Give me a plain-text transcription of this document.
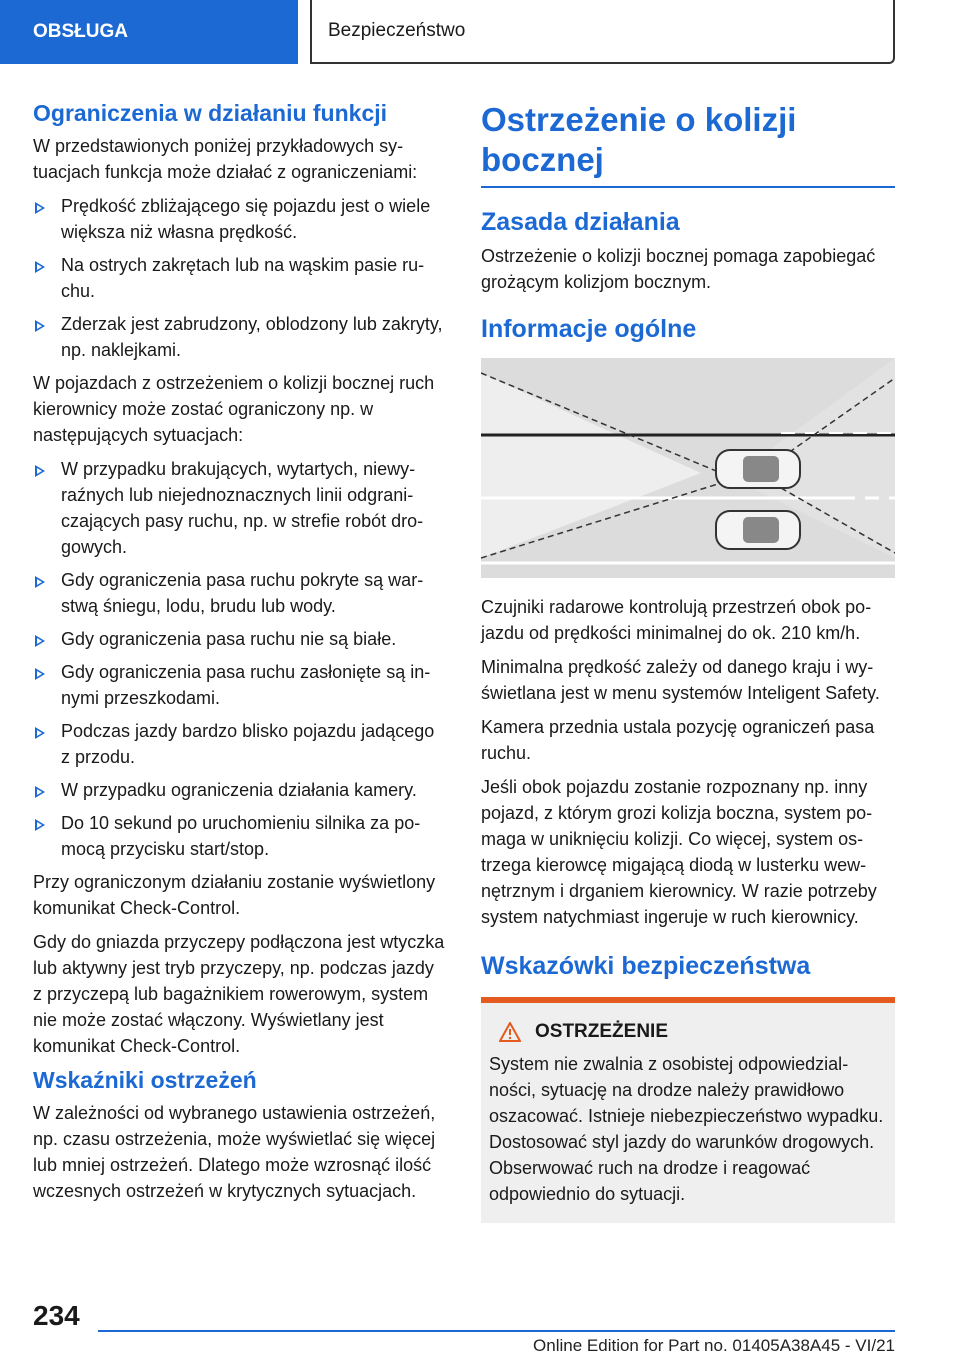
OBSŁUGA	Bezpieczeństwo
Ograniczenia w działaniu funkcji

W przedstawionych poniżej przykładowych sytuacjach funkcja może działać z ograniczeniami:

Prędkość zbliżającego się pojazdu jest o wiele większa niż własna prędkość.
Na ostrych zakrętach lub na wąskim pasie ruchu.
Zderzak jest zabrudzony, oblodzony lub zakryty, np. naklejkami.

W pojazdach z ostrzeżeniem o kolizji bocznej ruch kierownicy może zostać ograniczony np. w następujących sytuacjach:

W przypadku brakujących, wytartych, niewyraźnych lub niejednoznacznych linii odgraniczających pasy ruchu, np. w strefie robót drogowych.
Gdy ograniczenia pasa ruchu pokryte są warstwą śniegu, lodu, brudu lub wody.
Gdy ograniczenia pasa ruchu nie są białe.
Gdy ograniczenia pasa ruchu zasłonięte są innymi przeszkodami.
Podczas jazdy bardzo blisko pojazdu jadącego z przodu.
W przypadku ograniczenia działania kamery.
Do 10 sekund po uruchomieniu silnika za pomocą przycisku start/stop.

Przy ograniczonym działaniu zostanie wyświetlony komunikat Check-Control.

Gdy do gniazda przyczepy podłączona jest wtyczka lub aktywny jest tryb przyczepy, np. podczas jazdy z przyczepą lub bagażnikiem rowerowym, system nie może zostać włączony. Wyświetlany jest komunikat Check-Control.

Wskaźniki ostrzeżeń

W zależności od wybranego ustawienia ostrzeżeń, np. czasu ostrzeżenia, może wyświetlać się więcej lub mniej ostrzeżeń. Dlatego może wzrosnąć ilość wczesnych ostrzeżeń w krytycznych sytuacjach.

Ostrzeżenie o kolizji bocznej
Zasada działania

Ostrzeżenie o kolizji bocznej pomaga zapobiegać grożącym kolizjom bocznym.

Informacje ogólne

Czujniki radarowe kontrolują przestrzeń obok pojazdu od prędkości minimalnej do ok. 210 km/h.

Minimalna prędkość zależy od danego kraju i wyświetlana jest w menu systemów Inteligent Safety.

Kamera przednia ustala pozycję ograniczeń pasa ruchu.

Jeśli obok pojazdu zostanie rozpoznany np. inny pojazd, z którym grozi kolizja boczna, system pomaga w uniknięciu kolizji. Co więcej, system ostrzega kierowcę migającą diodą w lusterku wewnętrznym i drganiem kierownicy. W razie potrzeby system natychmiast ingeruje w ruch kierownicy.

Wskazówki bezpieczeństwa
OSTRZEŻENIE

System nie zwalnia z osobistej odpowiedzialności, sytuację na drodze należy prawidłowo oszacować. Istnieje niebezpieczeństwo wypadku. Dostosować styl jazdy do warunków drogowych. Obserwować ruch na drodze i reagować odpowiednio do sytuacji.

234
Online Edition for Part no. 01405A38A45 - VI/21
